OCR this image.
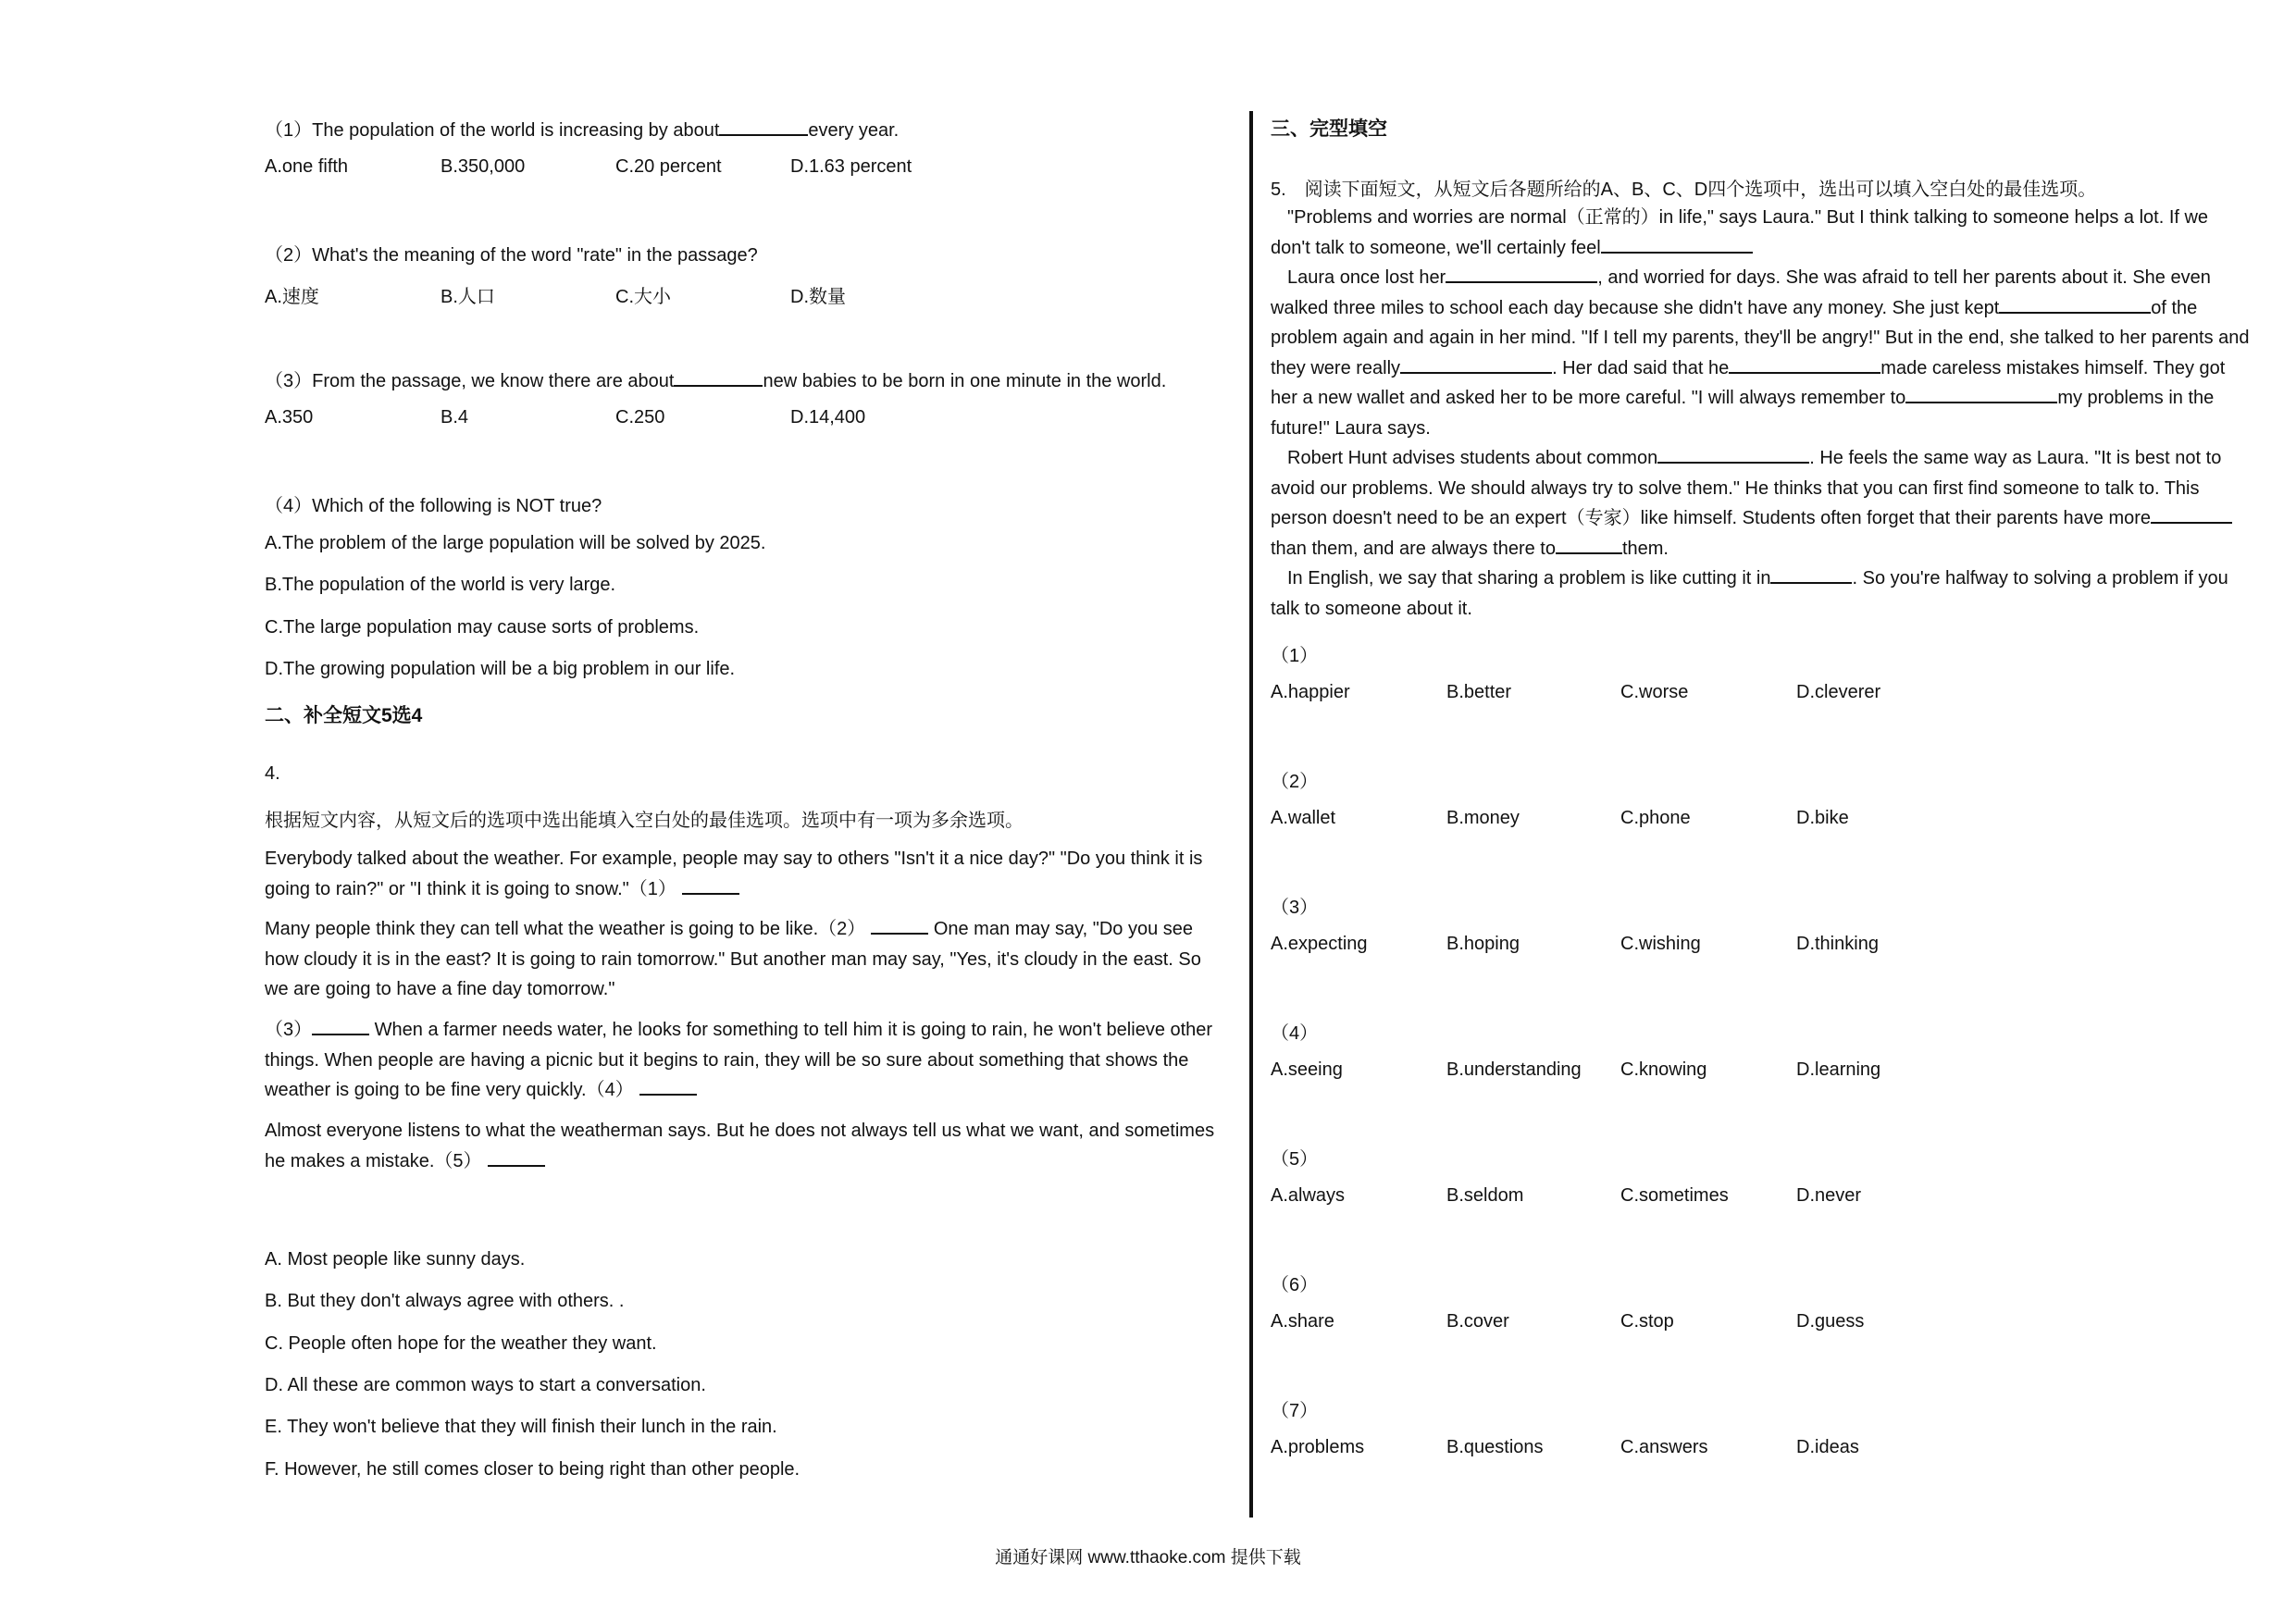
（1）The population of the world is increasing by about	every year.
A.one fifth	B.350,000	C.20 percent	D.1.63 percent
（2）What's the meaning of the word "rate" in the passage?
A.速度	B.人口	C.大小	D.数量
（3）From the passage, we know there are about	new babies to be born in one minute in the world.
A.350	B.4	C.250	D.14,400
（4）Which of the following is NOT true?
A.The problem of the large population will be solved by 2025.
B.The population of the world is very large.
C.The large population may cause sorts of problems.
D.The growing population will be a big problem in our life.
二、补全短文5选4
4.
根据短文内容，从短文后的选项中选出能填入空白处的最佳选项。选项中有一项为多余选项。
Everybody talked about the weather. For example, people may say to others "Isn't it a nice day?" "Do you think it is going to rain?" or "I think it is going to snow."（1）
Many people think they can tell what the weather is going to be like.（2）	One man may say, "Do you see how cloudy it is in the east? It is going to rain tomorrow." But another man may say, "Yes, it's cloudy in the east. So we are going to have a fine day tomorrow."
（3）	When a farmer needs water, he looks for something to tell him it is going to rain, he won't believe other things. When people are having a picnic but it begins to rain, they will be so sure about something that shows the weather is going to be fine very quickly.（4）
Almost everyone listens to what the weatherman says. But he does not always tell us what we want, and sometimes he makes a mistake.（5）
A. Most people like sunny days.
B. But they don't always agree with others. .
C. People often hope for the weather they want.
D. All these are common ways to start a conversation.
E. They won't believe that they will finish their lunch in the rain.
F. However, he still comes closer to being right than other people.
三、完型填空
5.　阅读下面短文，从短文后各题所给的A、B、C、D四个选项中，选出可以填入空白处的最佳选项。
"Problems and worries are normal（正常的）in life," says Laura." But I think talking to someone helps a lot. If we don't talk to someone, we'll certainly feel
Laura once lost her	, and worried for days. She was afraid to tell her parents about it. She even walked three miles to school each day because she didn't have any money. She just kept	of the problem again and again in her mind. "If I tell my parents, they'll be angry!" But in the end, she talked to her parents and they were really	. Her dad said that he	made careless mistakes himself. They got her a new wallet and asked her to be more careful. "I will always remember to	my problems in the future!" Laura says.
Robert Hunt advises students about common	. He feels the same way as Laura. "It is best not to avoid our problems. We should always try to solve them." He thinks that you can first find someone to talk to. This person doesn't need to be an expert（专家）like himself. Students often forget that their parents have more than them, and are always there to	them.
In English, we say that sharing a problem is like cutting it in	. So you're halfway to solving a problem if you talk to someone about it.
（1）
A.happier	B.better	C.worse	D.cleverer
（2）
A.wallet	B.money	C.phone	D.bike
（3）
A.expecting	B.hoping	C.wishing	D.thinking
（4）
A.seeing	B.understanding C.knowing	D.learning
（5）
A.always	B.seldom	C.sometimes	D.never
（6）
A.share	B.cover	C.stop	D.guess
（7）
A.problems	B.questions	C.answers	D.ideas
通通好课网 www.tthaoke.com 提供下载
